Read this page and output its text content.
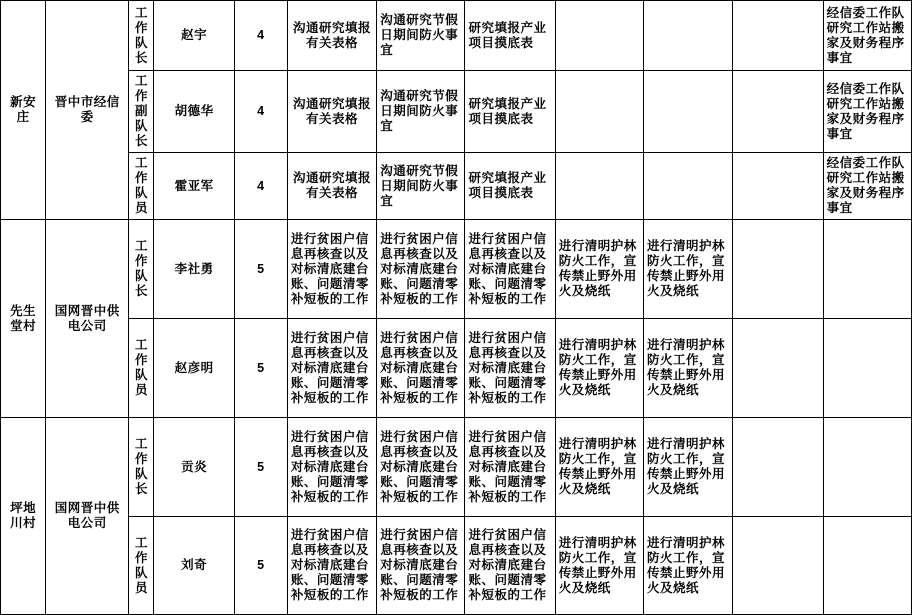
新安庄	晋中市经信委	工作队长	赵宇	4	沟通研究填报有关表格	沟通研究节假日期间防火事宜	研究填报产业项目摸底表				经信委工作队研究工作站搬家及财务程序事宜
		工作副队长	胡德华	4	沟通研究填报有关表格	沟通研究节假日期间防火事宜	研究填报产业项目摸底表				经信委工作队研究工作站搬家及财务程序事宜
		工作队员	霍亚军	4	沟通研究填报有关表格	沟通研究节假日期间防火事宜	研究填报产业项目摸底表				经信委工作队研究工作站搬家及财务程序事宜
先生堂村	国网晋中供电公司	工作队长	李社勇	5	进行贫困户信息再核查以及对标清底建台账、问题清零补短板的工作	进行贫困户信息再核查以及对标清底建台账、问题清零补短板的工作	进行贫困户信息再核查以及对标清底建台账、问题清零补短板的工作	进行清明护林防火工作，宣传禁止野外用火及烧纸	进行清明护林防火工作，宣传禁止野外用火及烧纸		
		工作队员	赵彦明	5	进行贫困户信息再核查以及对标清底建台账、问题清零补短板的工作	进行贫困户信息再核查以及对标清底建台账、问题清零补短板的工作	进行贫困户信息再核查以及对标清底建台账、问题清零补短板的工作	进行清明护林防火工作，宣传禁止野外用火及烧纸	进行清明护林防火工作，宣传禁止野外用火及烧纸		
坪地川村	国网晋中供电公司	工作队长	贡炎	5	进行贫困户信息再核查以及对标清底建台账、问题清零补短板的工作	进行贫困户信息再核查以及对标清底建台账、问题清零补短板的工作	进行贫困户信息再核查以及对标清底建台账、问题清零补短板的工作	进行清明护林防火工作，宣传禁止野外用火及烧纸	进行清明护林防火工作，宣传禁止野外用火及烧纸		
		工作队员	刘奇	5	进行贫困户信息再核查以及对标清底建台账、问题清零补短板的工作	进行贫困户信息再核查以及对标清底建台账、问题清零补短板的工作	进行贫困户信息再核查以及对标清底建台账、问题清零补短板的工作	进行清明护林防火工作，宣传禁止野外用火及烧纸	进行清明护林防火工作，宣传禁止野外用火及烧纸		
